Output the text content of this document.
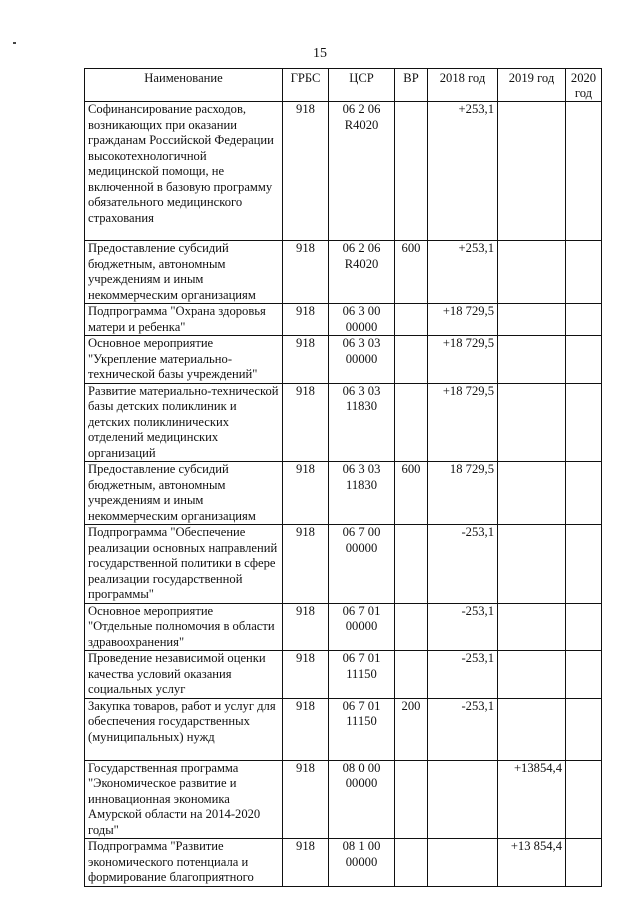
15
Наименование	ГРБС	ЦСР	ВР	2018 год	2019 год	2020 год
Софинансирование расходов, возникающих при оказании гражданам Российской Федерации высокотехнологичной медицинской помощи, не включенной в базовую программу обязательного медицинского страхования	918	06 2 06 R4020		+253,1		
Предоставление субсидий бюджетным, автономным учреждениям и иным некоммерческим организациям	918	06 2 06 R4020	600	+253,1		
Подпрограмма "Охрана здоровья матери и ребенка"	918	06 3 00 00000		+18 729,5		
Основное мероприятие "Укрепление материально-технической базы учреждений"	918	06 3 03 00000		+18 729,5		
Развитие материально-технической базы детских поликлиник и детских поликлинических отделений медицинских организаций	918	06 3 03 11830		+18 729,5		
Предоставление субсидий бюджетным, автономным учреждениям и иным некоммерческим организациям	918	06 3 03 11830	600	18 729,5		
Подпрограмма "Обеспечение реализации основных направлений государственной политики в сфере реализации государственной программы"	918	06 7 00 00000		-253,1		
Основное мероприятие "Отдельные полномочия в области здравоохранения"	918	06 7 01 00000		-253,1		
Проведение независимой оценки качества условий оказания социальных услуг	918	06 7 01 11150		-253,1		
Закупка товаров, работ и услуг для обеспечения государственных (муниципальных) нужд	918	06 7 01 11150	200	-253,1		
Государственная программа "Экономическое развитие и инновационная экономика Амурской области на 2014-2020 годы"	918	08 0 00 00000			+13854,4	
Подпрограмма "Развитие экономического потенциала и формирование благоприятного	918	08 1 00 00000			+13 854,4	
